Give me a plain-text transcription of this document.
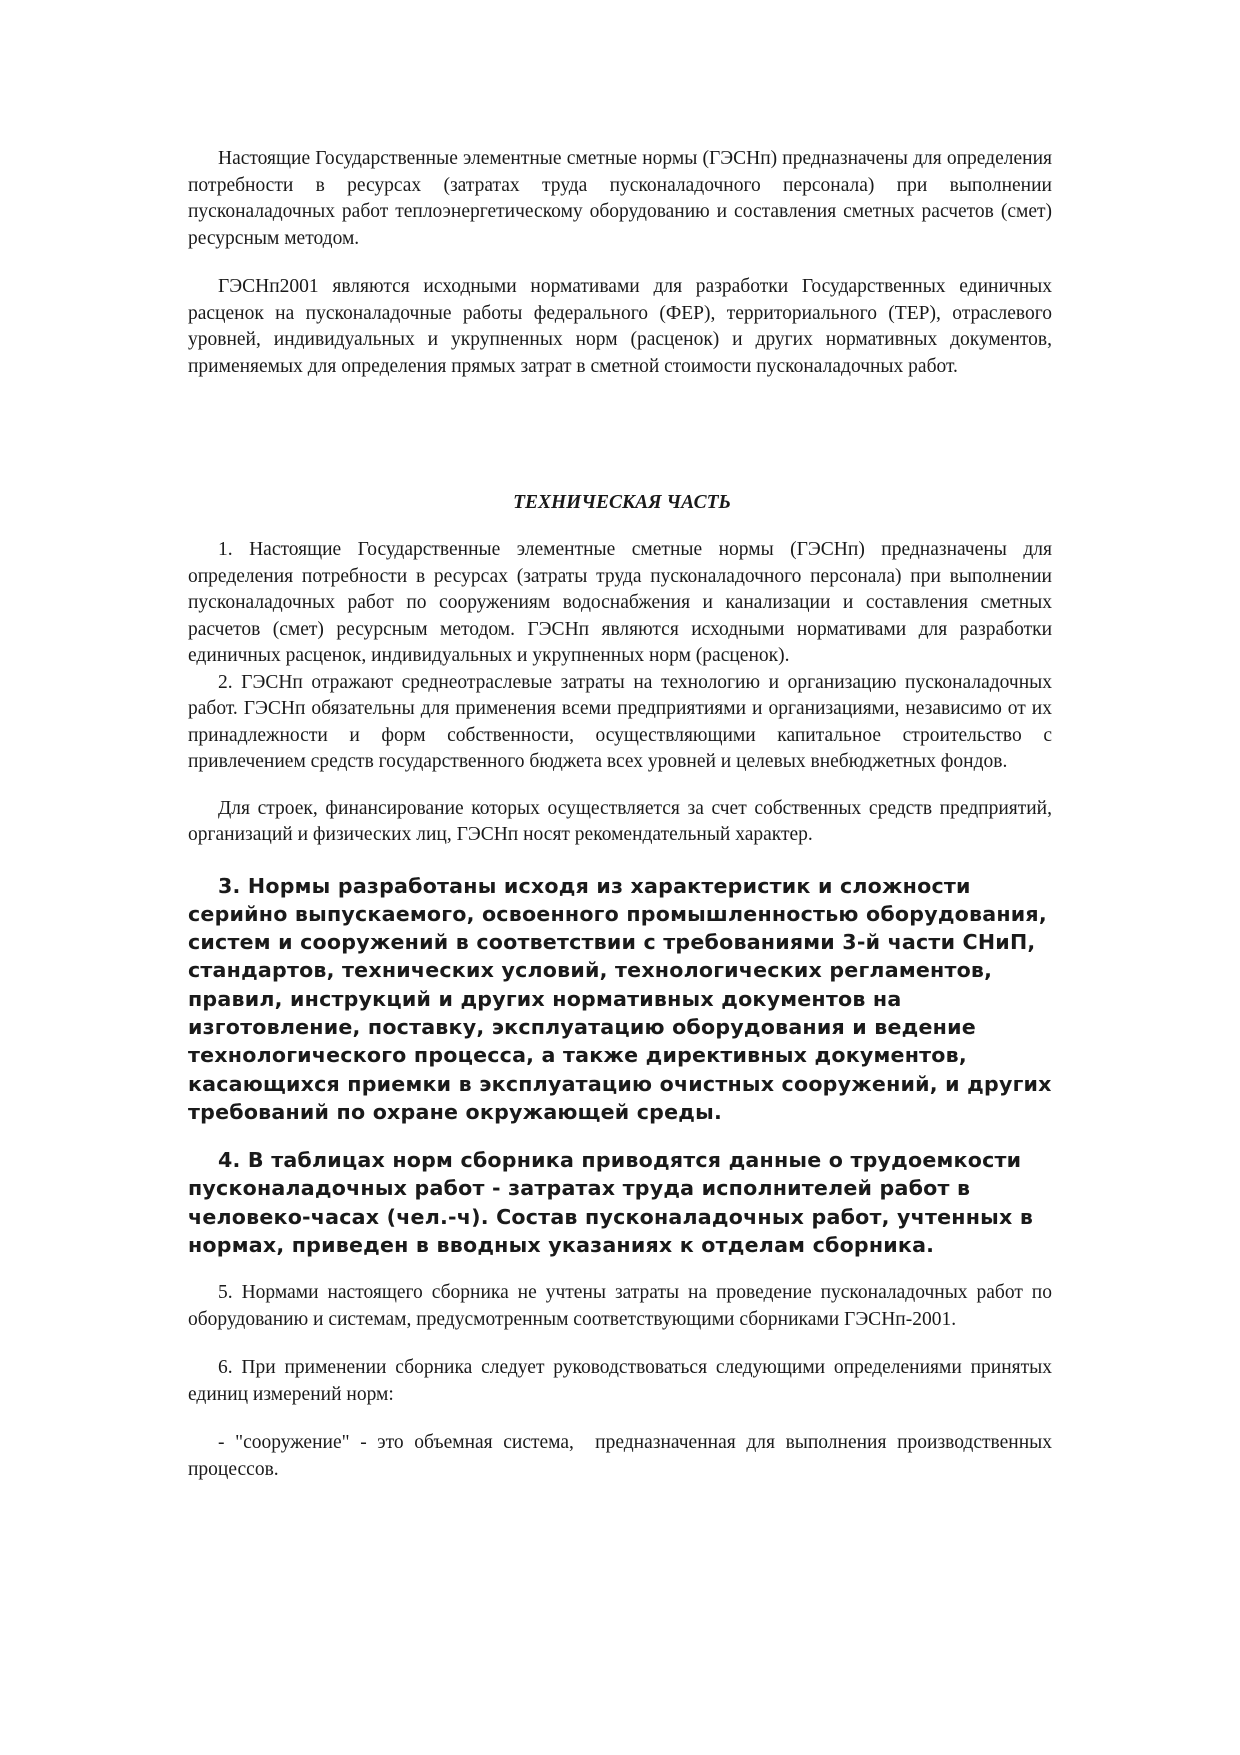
Настоящие Государственные элементные сметные нормы (ГЭСНп) предназначены для определения потребности в ресурсах (затратах труда пусконаладочного персонала) при выполнении пусконаладочных работ теплоэнергетическому оборудованию и составления сметных расчетов (смет) ресурсным методом.

ГЭСНп2001 являются исходными нормативами для разработки Государственных единичных расценок на пусконаладочные работы федерального (ФЕР), территориального (ТЕР), отраслевого уровней, индивидуальных и укрупненных норм (расценок) и других нормативных документов, применяемых для определения прямых затрат в сметной стоимости пусконаладочных работ.

ТЕХНИЧЕСКАЯ ЧАСТЬ

1. Настоящие Государственные элементные сметные нормы (ГЭСНп) предназначены для определения потребности в ресурсах (затраты труда пусконаладочного персонала) при выполнении пусконаладочных работ по сооружениям водоснабжения и канализации и составления сметных расчетов (смет) ресурсным методом. ГЭСНп являются исходными нормативами для разработки единичных расценок, индивидуальных и укрупненных норм (расценок).

2. ГЭСНп отражают среднеотраслевые затраты на технологию и организацию пусконаладочных работ. ГЭСНп обязательны для применения всеми предприятиями и организациями, независимо от их принадлежности и форм собственности, осуществляющими капитальное строительство с привлечением средств государственного бюджета всех уровней и целевых внебюджетных фондов.

Для строек, финансирование которых осуществляется за счет собственных средств предприятий, организаций и физических лиц, ГЭСНп носят рекомендательный характер.

3. Нормы разработаны исходя из характеристик и сложности серийно выпускаемого, освоенного промышленностью оборудования, систем и сооружений в соответствии с требованиями 3-й части СНиП, стандартов, технических условий, технологических регламентов, правил, инструкций и других нормативных документов на изготовление, поставку, эксплуатацию оборудования и ведение технологического процесса, а также директивных документов, касающихся приемки в эксплуатацию очистных сооружений, и других требований по охране окружающей среды.

4. В таблицах норм сборника приводятся данные о трудоемкости пусконаладочных работ - затратах труда исполнителей работ в человеко-часах (чел.-ч). Состав пусконаладочных работ, учтенных в нормах, приведен в вводных указаниях к отделам сборника.

5. Нормами настоящего сборника не учтены затраты на проведение пусконаладочных работ по оборудованию и системам, предусмотренным соответствующими сборниками ГЭСНп-2001.

6. При применении сборника следует руководствоваться следующими определениями принятых единиц измерений норм:

- "сооружение" - это объемная система,  предназначенная для выполнения производственных процессов.
